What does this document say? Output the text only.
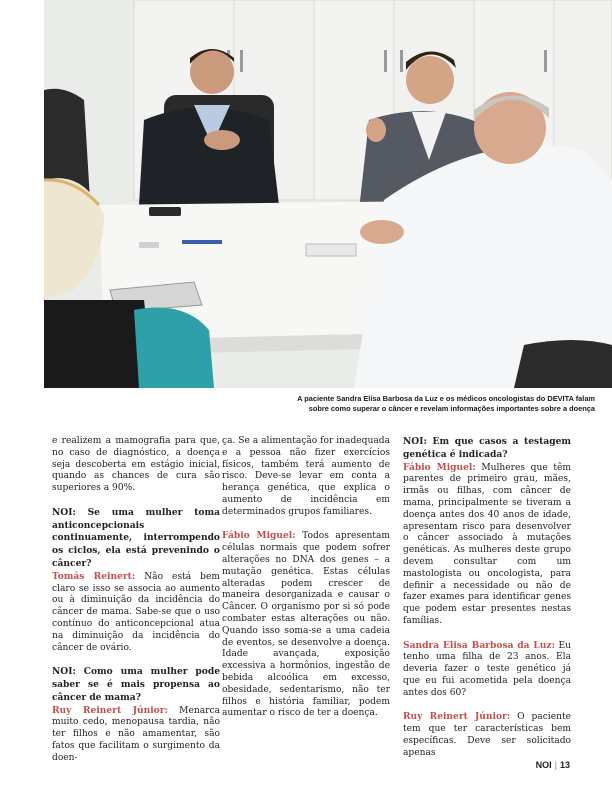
A paciente Sandra Elisa Barbosa da Luz e os médicos oncologistas do DEVITA falam
sobre como superar o câncer e revelam informações importantes sobre a doença

e realizem a mamografia para que, no caso de diagnóstico, a doença seja descoberta em estágio inicial, quando as chances de cura são superiores a 90%.

NOI: Se uma mulher toma anticoncepcionais continuamente, interrompendo os ciclos, ela está prevenindo o câncer?

Tomás Reinert: Não está bem claro se isso se associa ao aumento ou à diminuição da incidência do câncer de mama. Sabe-se que o uso contínuo do anticoncepcional atua na diminuição da incidência do câncer de ovário.

NOI: Como uma mulher pode saber se é mais propensa ao câncer de mama?

Ruy Reinert Júnior: Menarca muito cedo, menopausa tardia, não ter filhos e não amamentar, são fatos que facilitam o surgimento da doen-

ça. Se a alimentação for inadequada e a pessoa não fizer exercícios físicos, também terá aumento de risco. Deve-se levar em conta a herança genética, que explica o aumento de incidência em determinados grupos familiares.

Fábio Miguel: Todos apresentam células normais que podem sofrer alterações no DNA dos genes – a mutação genética. Estas células alteradas podem crescer de maneira desorganizada e causar o Câncer. O organismo por si só pode combater estas alterações ou não. Quando isso soma-se a uma cadeia de eventos, se desenvolve a doença. Idade avançada, exposição excessiva a hormônios, ingestão de bebida alcoólica em excesso, obesidade, sedentarismo, não ter filhos e história familiar, podem aumentar o risco de ter a doença.

NOI: Em que casos a testagem genética é indicada?

Fábio Miguel: Mulheres que têm parentes de primeiro grau, mães, irmãs ou filhas, com câncer de mama, principalmente se tiveram a doença antes dos 40 anos de idade, apresentam risco para desenvolver o câncer associado à mutações genéticas. As mulheres deste grupo devem consultar com um mastologista ou oncologista, para definir a necessidade ou não de fazer exames para identificar genes que podem estar presentes nestas famílias.

Sandra Elisa Barbosa da Luz: Eu tenho uma filha de 23 anos. Ela deveria fazer o teste genético já que eu fui acometida pela doença antes dos 60?

Ruy Reinert Júnior: O paciente tem que ter características bem específicas. Deve ser solicitado apenas

NOI | 13
